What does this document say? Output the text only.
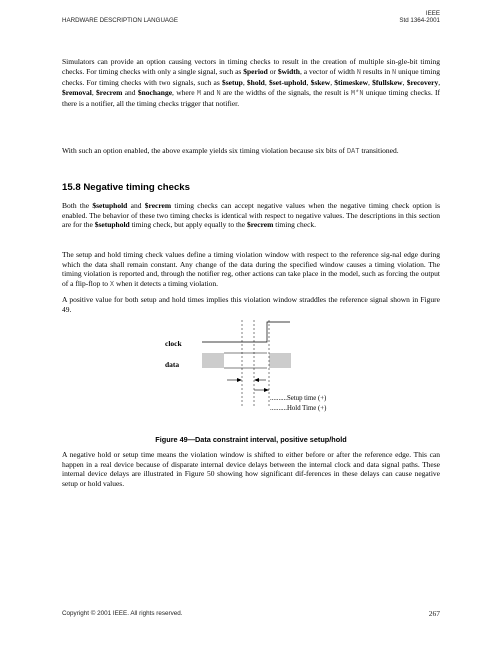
HARDWARE DESCRIPTION LANGUAGE
IEEE
Std 1364-2001

Simulators can provide an option causing vectors in timing checks to result in the creation of multiple sin-gle-bit timing checks. For timing checks with only a single signal, such as $period or $width, a vector of width N results in N unique timing checks. For timing checks with two signals, such as $setup, $hold, $set-uphold, $skew, $timeskew, $fullskew, $recovery, $removal, $recrem and $nochange, where M and N are the widths of the signals, the result is M*N unique timing checks. If there is a notifier, all the timing checks trigger that notifier.

With such an option enabled, the above example yields six timing violation because six bits of DAT transitioned.

15.8 Negative timing checks

Both the $setuphold and $recrem timing checks can accept negative values when the negative timing check option is enabled. The behavior of these two timing checks is identical with respect to negative values. The descriptions in this section are for the $setuphold timing check, but apply equally to the $recrem timing check.

The setup and hold timing check values define a timing violation window with respect to the reference sig-nal edge during which the data shall remain constant. Any change of the data during the specified window causes a timing violation. The timing violation is reported and, through the notifier reg, other actions can take place in the model, such as forcing the output of a flip-flop to X when it detects a timing violation.

A positive value for both setup and hold times implies this violation window straddles the reference signal shown in Figure 49.

clock
data
..........Setup time (+)
..........Hold Time (+)

Figure 49—Data constraint interval, positive setup/hold

A negative hold or setup time means the violation window is shifted to either before or after the reference edge. This can happen in a real device because of disparate internal device delays between the internal clock and data signal paths. These internal device delays are illustrated in Figure 50 showing how significant dif-ferences in these delays can cause negative setup or hold values.

Copyright © 2001 IEEE. All rights reserved.	267
